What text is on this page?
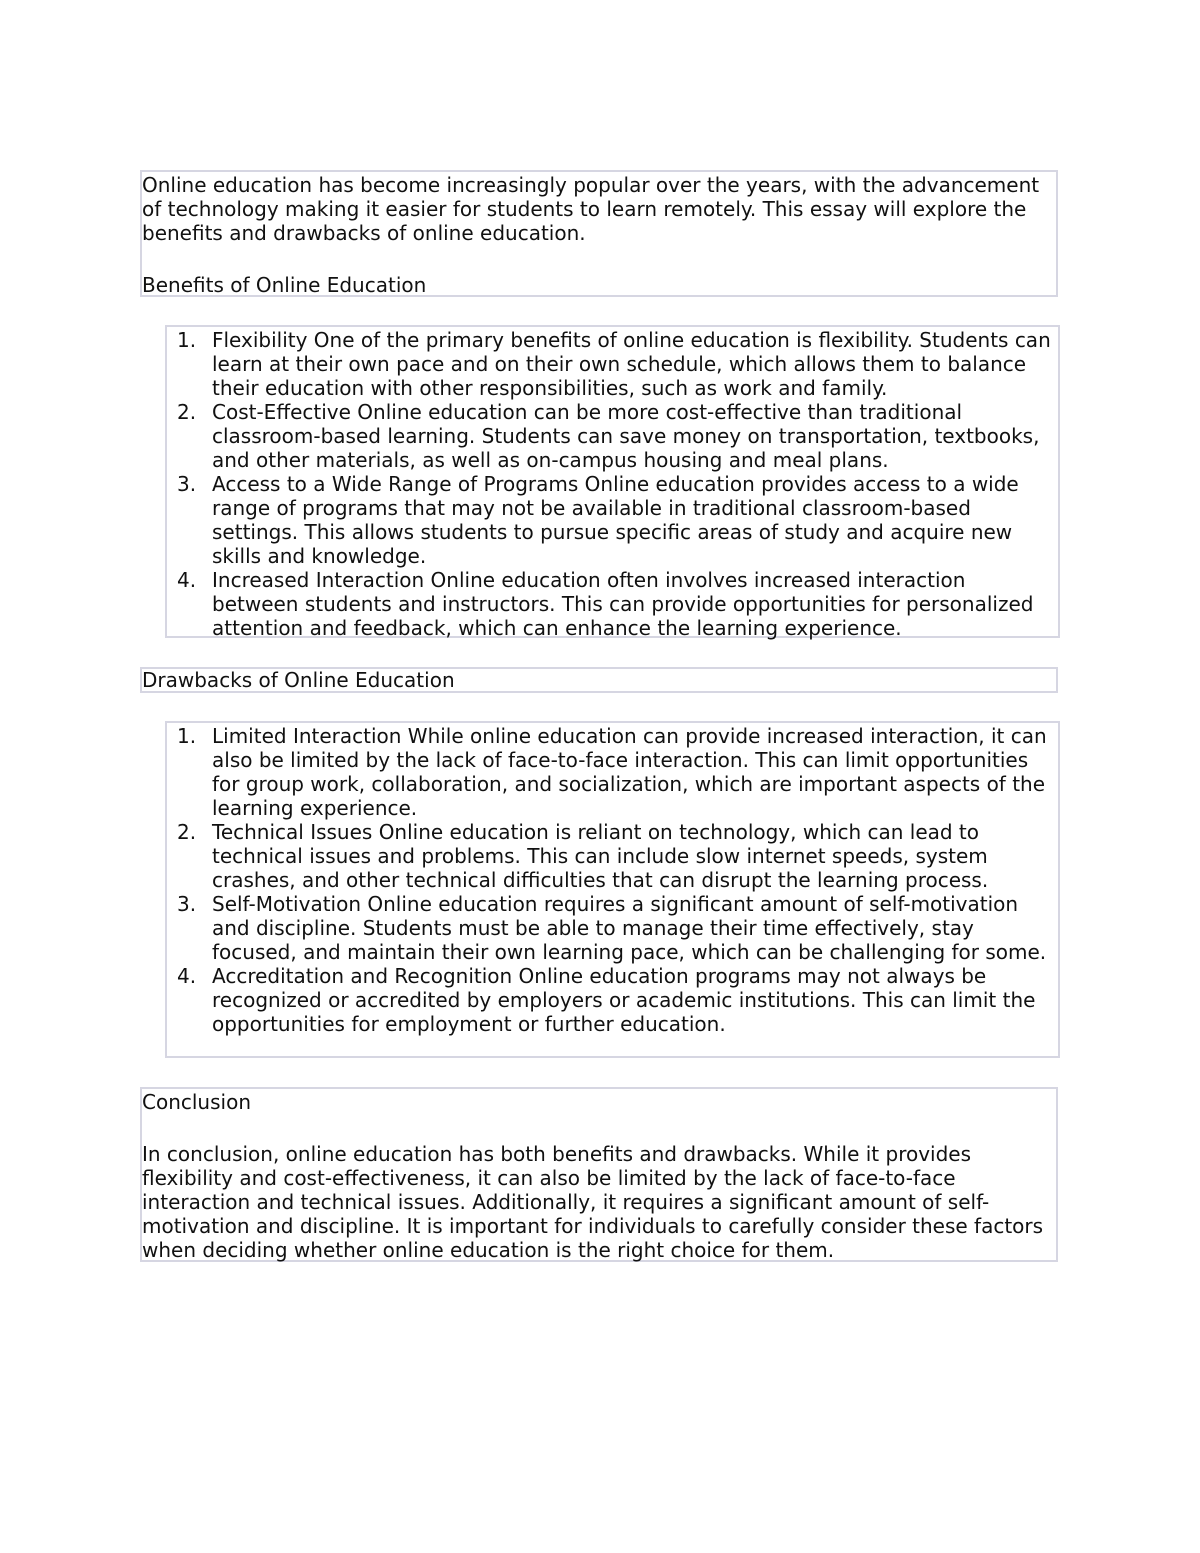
Online education has become increasingly popular over the years, with the advancement of technology making it easier for students to learn remotely. This essay will explore the benefits and drawbacks of online education.

Benefits of Online Education

1. Flexibility One of the primary benefits of online education is flexibility. Students can learn at their own pace and on their own schedule, which allows them to balance their education with other responsibilities, such as work and family.
2. Cost-Effective Online education can be more cost-effective than traditional classroom-based learning. Students can save money on transportation, textbooks, and other materials, as well as on-campus housing and meal plans.
3. Access to a Wide Range of Programs Online education provides access to a wide range of programs that may not be available in traditional classroom-based settings. This allows students to pursue specific areas of study and acquire new skills and knowledge.
4. Increased Interaction Online education often involves increased interaction between students and instructors. This can provide opportunities for personalized attention and feedback, which can enhance the learning experience.

Drawbacks of Online Education

1. Limited Interaction While online education can provide increased interaction, it can also be limited by the lack of face-to-face interaction. This can limit opportunities for group work, collaboration, and socialization, which are important aspects of the learning experience.
2. Technical Issues Online education is reliant on technology, which can lead to technical issues and problems. This can include slow internet speeds, system crashes, and other technical difficulties that can disrupt the learning process.
3. Self-Motivation Online education requires a significant amount of self-motivation and discipline. Students must be able to manage their time effectively, stay focused, and maintain their own learning pace, which can be challenging for some.
4. Accreditation and Recognition Online education programs may not always be recognized or accredited by employers or academic institutions. This can limit the opportunities for employment or further education.

Conclusion

In conclusion, online education has both benefits and drawbacks. While it provides flexibility and cost-effectiveness, it can also be limited by the lack of face-to-face interaction and technical issues. Additionally, it requires a significant amount of self-motivation and discipline. It is important for individuals to carefully consider these factors when deciding whether online education is the right choice for them.
